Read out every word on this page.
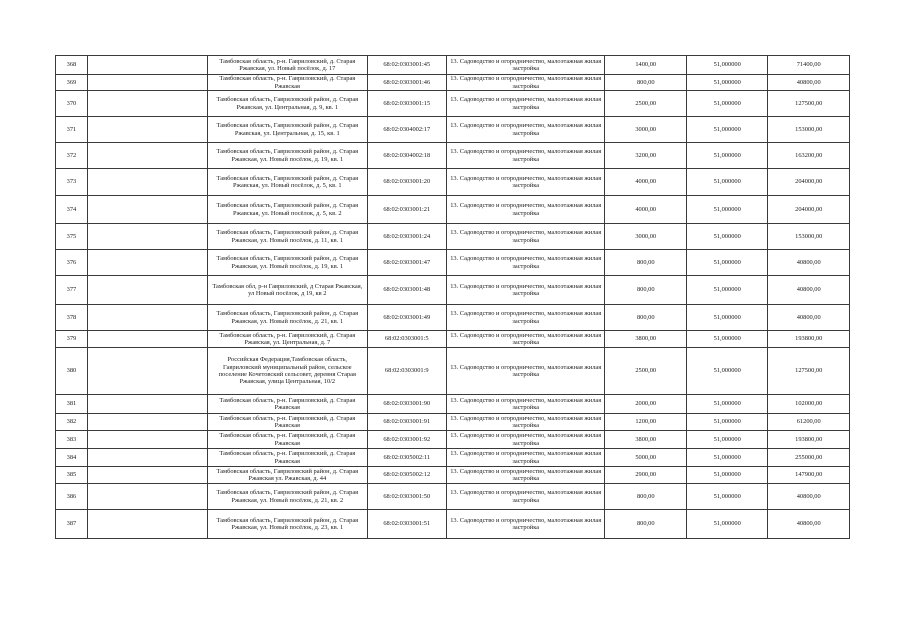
368		Тамбовская область, р-н. Гавриловский, д. Старая Ржавская, ул. Новый посёлок, д. 17	68:02:0303001:45	13. Садоводство и огородничество, малоэтажная жилая застройка	1400,00	51,000000	71400,00
369		Тамбовская область, р-н. Гавриловский, д. Старая Ржавская	68:02:0303001:46	13. Садоводство и огородничество, малоэтажная жилая застройка	800,00	51,000000	40800,00
370		Тамбовская область, Гавриловский район, д. Старая Ржавская, ул. Центральная, д. 9, кв. 1	68:02:0303001:15	13. Садоводство и огородничество, малоэтажная жилая застройка	2500,00	51,000000	127500,00
371		Тамбовская область, Гавриловский район, д. Старая Ржавская, ул. Центральная, д. 15, кв. 1	68:02:0304002:17	13. Садоводство и огородничество, малоэтажная жилая застройка	3000,00	51,000000	153000,00
372		Тамбовская область, Гавриловский район, д. Старая Ржавская, ул. Новый посёлок, д. 19, кв. 1	68:02:0304002:18	13. Садоводство и огородничество, малоэтажная жилая застройка	3200,00	51,000000	163200,00
373		Тамбовская область, Гавриловский район, д. Старая Ржавская, ул. Новый посёлок, д. 5, кв. 1	68:02:0303001:20	13. Садоводство и огородничество, малоэтажная жилая застройка	4000,00	51,000000	204000,00
374		Тамбовская область, Гавриловский район, д. Старая Ржавская, ул. Новый посёлок, д. 5, кв. 2	68:02:0303001:21	13. Садоводство и огородничество, малоэтажная жилая застройка	4000,00	51,000000	204000,00
375		Тамбовская область, Гавриловский район, д. Старая Ржавская, ул. Новый посёлок, д. 11, кв. 1	68:02:0303001:24	13. Садоводство и огородничество, малоэтажная жилая застройка	3000,00	51,000000	153000,00
376		Тамбовская область, Гавриловский район, д. Старая Ржавская, ул. Новый посёлок, д. 19, кв. 1	68:02:0303001:47	13. Садоводство и огородничество, малоэтажная жилая застройка	800,00	51,000000	40800,00
377		Тамбовская обл, р-н Гавриловский, д Старая Ржавская, ул Новый посёлок, д 19, кв 2	68:02:0303001:48	13. Садоводство и огородничество, малоэтажная жилая застройка	800,00	51,000000	40800,00
378		Тамбовская область, Гавриловский район, д. Старая Ржавская, ул. Новый посёлок, д. 21, кв. 1	68:02:0303001:49	13. Садоводство и огородничество, малоэтажная жилая застройка	800,00	51,000000	40800,00
379		Тамбовская область, р-н. Гавриловский, д. Старая Ржавская, ул. Центральная, д. 7	68:02:0303001:5	13. Садоводство и огородничество, малоэтажная жилая застройка	3800,00	51,000000	193800,00
380		Российская Федерация,Тамбовская область, Гавриловский муниципальный район, сельское поселение Кочетовский сельсовет, деревня Старая Ржавская, улица Центральная, 10/2	68:02:0303001:9	13. Садоводство и огородничество, малоэтажная жилая застройка	2500,00	51,000000	127500,00
381		Тамбовская область, р-н. Гавриловский, д. Старая Ржавская	68:02:0303001:90	13. Садоводство и огородничество, малоэтажная жилая застройка	2000,00	51,000000	102000,00
382		Тамбовская область, р-н. Гавриловский, д. Старая Ржавская	68:02:0303001:91	13. Садоводство и огородничество, малоэтажная жилая застройка	1200,00	51,000000	61200,00
383		Тамбовская область, р-н. Гавриловский, д. Старая Ржавская	68:02:0303001:92	13. Садоводство и огородничество, малоэтажная жилая застройка	3800,00	51,000000	193800,00
384		Тамбовская область, р-н. Гавриловский, д. Старая Ржавская	68:02:0305002:11	13. Садоводство и огородничество, малоэтажная жилая застройка	5000,00	51,000000	255000,00
385		Тамбовская область, Гавриловский район, д. Старая Ржавская ул. Ржавская, д. 44	68:02:0305002:12	13. Садоводство и огородничество, малоэтажная жилая застройка	2900,00	51,000000	147900,00
386		Тамбовская область, Гавриловский район, д. Старая Ржавская, ул. Новый посёлок, д. 21, кв. 2	68:02:0303001:50	13. Садоводство и огородничество, малоэтажная жилая застройка	800,00	51,000000	40800,00
387		Тамбовская область, Гавриловский район, д. Старая Ржавская, ул. Новый посёлок, д. 23, кв. 1	68:02:0303001:51	13. Садоводство и огородничество, малоэтажная жилая застройка	800,00	51,000000	40800,00
